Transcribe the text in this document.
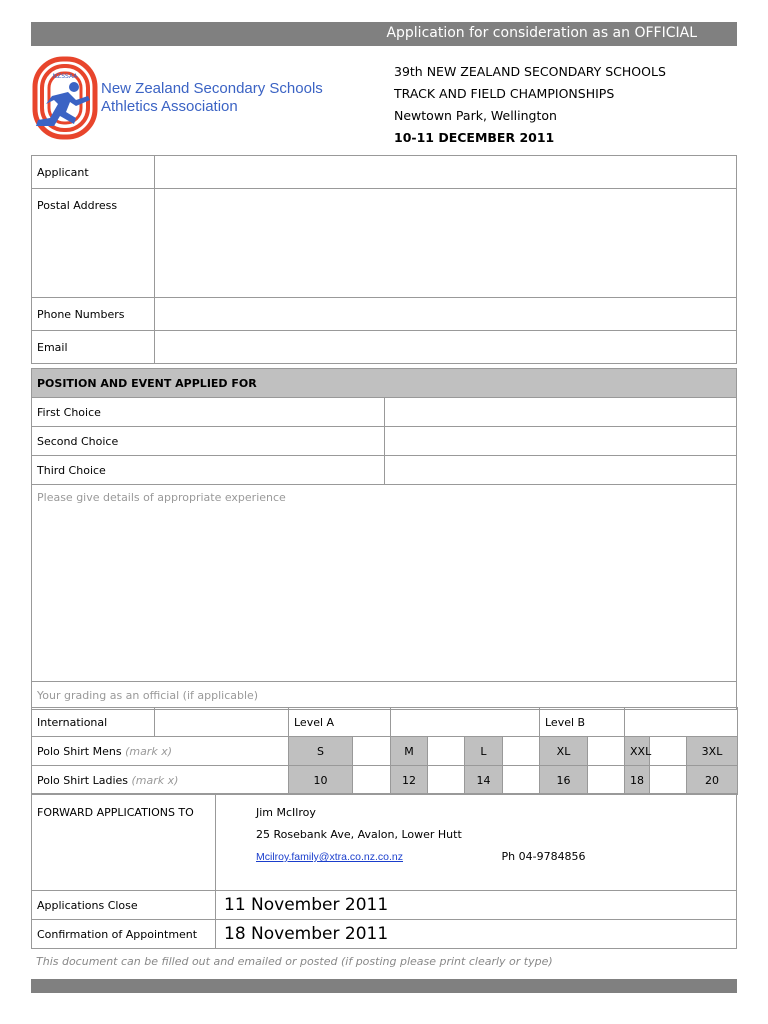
Application for consideration as an OFFICIAL
NZSSAA
New Zealand Secondary Schools
Athletics Association
39th NEW ZEALAND SECONDARY SCHOOLS
TRACK AND FIELD CHAMPIONSHIPS
Newtown Park, Wellington
10-11 DECEMBER 2011
Applicant	
Postal Address	
Phone Numbers	
Email	
POSITION AND EVENT APPLIED FOR	
First Choice	
Second Choice	
Third Choice	
Please give details of appropriate experience	
Your grading as an official (if applicable)	
International		Level A						Level B				
Polo Shirt Mens (mark x)		S		M		L		XL		XXL		3XL
Polo Shirt Ladies (mark x)		10		12		14		16		18		20
FORWARD APPLICATIONS TO	Jim McIlroy
25 Rosebank Ave, Avalon, Lower Hutt
Mcilroy.family@xtra.co.nz.co.nz Ph 04-9784856

Applications Close	11 November 2011
Confirmation of Appointment	18 November 2011
This document can be filled out and emailed or posted (if posting please print clearly or type)
